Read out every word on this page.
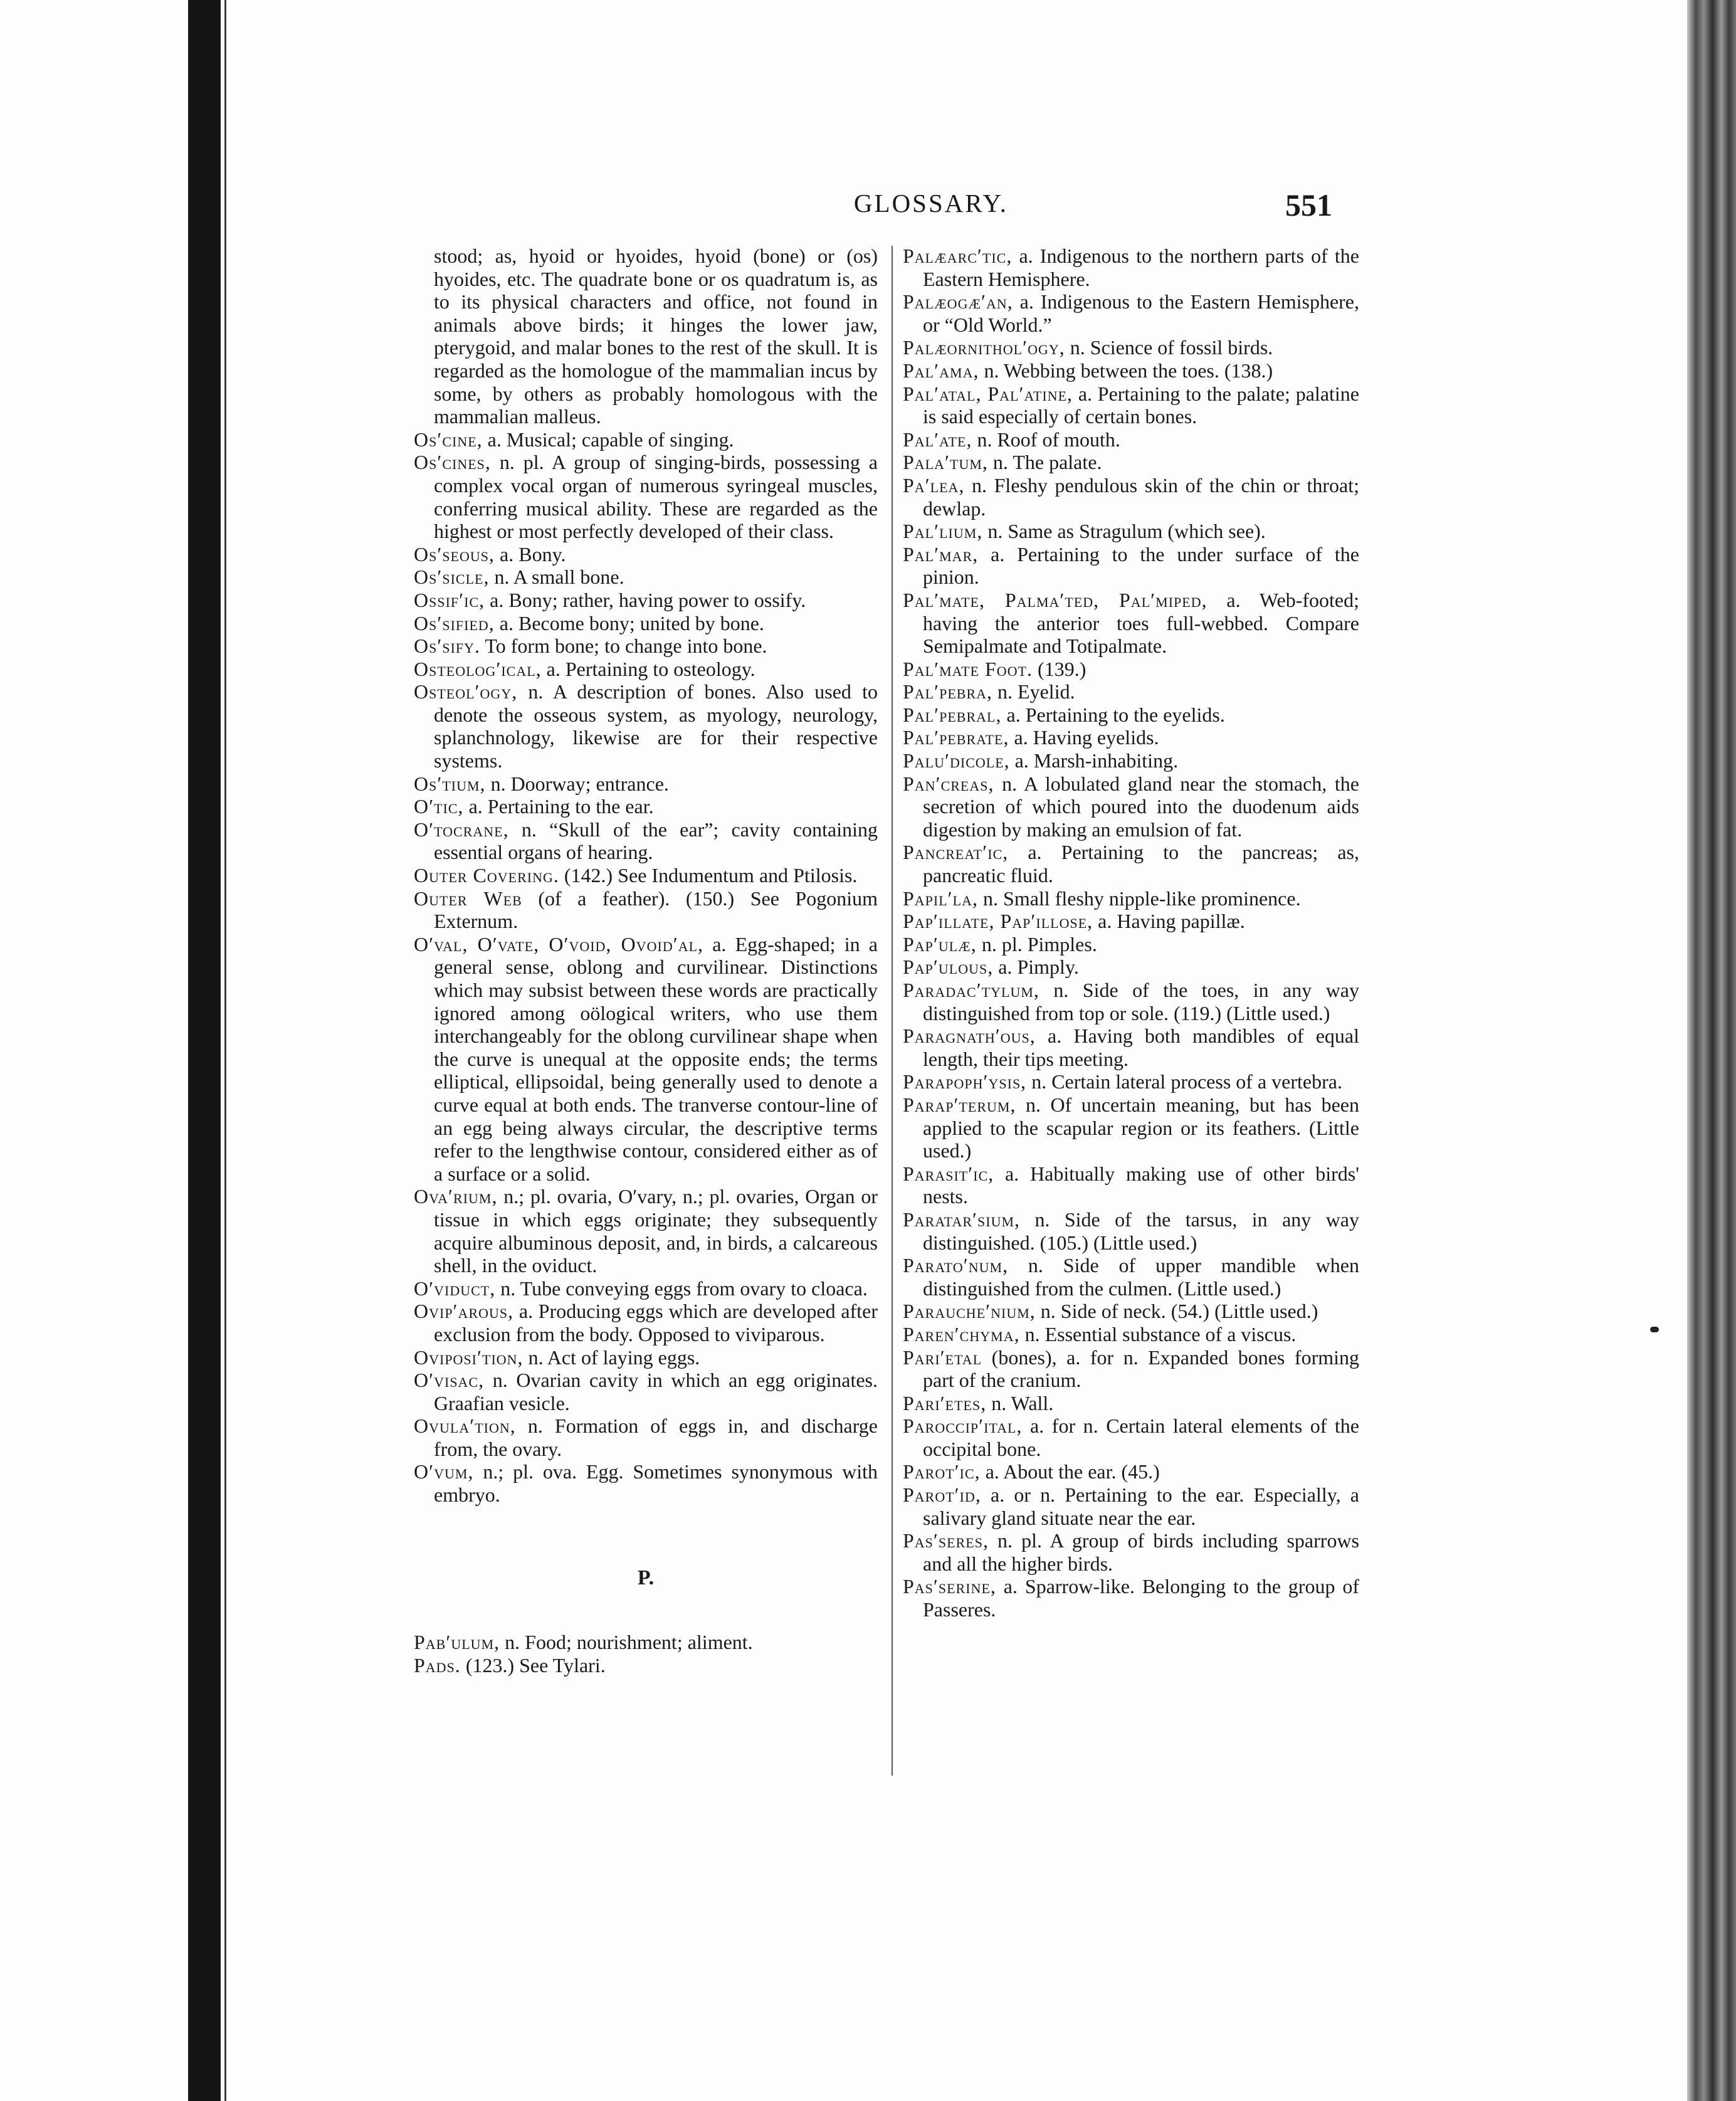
GLOSSARY.	551

stood; as, hyoid or hyoides, hyoid (bone) or (os) hyoides, etc. The quadrate bone or os quadratum is, as to its physical characters and office, not found in animals above birds; it hinges the lower jaw, pterygoid, and malar bones to the rest of the skull. It is regarded as the homologue of the mammalian incus by some, by others as probably homologous with the mammalian malleus.

Os′cine, a. Musical; capable of singing.

Os′cines, n. pl. A group of singing-birds, possessing a complex vocal organ of numerous syringeal muscles, conferring musical ability. These are regarded as the highest or most perfectly developed of their class.

Os′seous, a. Bony.

Os′sicle, n. A small bone.

Ossif′ic, a. Bony; rather, having power to ossify.

Os′sified, a. Become bony; united by bone.

Os′sify. To form bone; to change into bone.

Osteolog′ical, a. Pertaining to osteology.

Osteol′ogy, n. A description of bones. Also used to denote the osseous system, as myology, neurology, splanchnology, likewise are for their respective systems.

Os′tium, n. Doorway; entrance.

O′tic, a. Pertaining to the ear.

O′tocrane, n. “Skull of the ear”; cavity containing essential organs of hearing.

Outer Covering. (142.) See Indumentum and Ptilosis.

Outer Web (of a feather). (150.) See Pogonium Externum.

O′val, O′vate, O′void, Ovoid′al, a. Egg-shaped; in a general sense, oblong and curvilinear. Distinctions which may subsist between these words are practically ignored among oölogical writers, who use them interchangeably for the oblong curvilinear shape when the curve is unequal at the opposite ends; the terms elliptical, ellipsoidal, being generally used to denote a curve equal at both ends. The tranverse contour-line of an egg being always circular, the descriptive terms refer to the lengthwise contour, considered either as of a surface or a solid.

Ova′rium, n.; pl. ovaria, O′vary, n.; pl. ovaries, Organ or tissue in which eggs originate; they subsequently acquire albuminous deposit, and, in birds, a calcareous shell, in the oviduct.

O′viduct, n. Tube conveying eggs from ovary to cloaca.

Ovip′arous, a. Producing eggs which are developed after exclusion from the body. Opposed to viviparous.

Oviposi′tion, n. Act of laying eggs.

O′visac, n. Ovarian cavity in which an egg originates. Graafian vesicle.

Ovula′tion, n. Formation of eggs in, and discharge from, the ovary.

O′vum, n.; pl. ova. Egg. Sometimes synonymous with embryo.

P.

Pab′ulum, n. Food; nourishment; aliment.

Pads. (123.) See Tylari.

Palæarc′tic, a. Indigenous to the northern parts of the Eastern Hemisphere.

Palæogæ′an, a. Indigenous to the Eastern Hemisphere, or “Old World.”

Palæornithol′ogy, n. Science of fossil birds.

Pal′ama, n. Webbing between the toes. (138.)

Pal′atal, Pal′atine, a. Pertaining to the palate; palatine is said especially of certain bones.

Pal′ate, n. Roof of mouth.

Pala′tum, n. The palate.

Pa′lea, n. Fleshy pendulous skin of the chin or throat; dewlap.

Pal′lium, n. Same as Stragulum (which see).

Pal′mar, a. Pertaining to the under surface of the pinion.

Pal′mate, Palma′ted, Pal′miped, a. Web-footed; having the anterior toes full-webbed. Compare Semipalmate and Totipalmate.

Pal′mate Foot. (139.)

Pal′pebra, n. Eyelid.

Pal′pebral, a. Pertaining to the eyelids.

Pal′pebrate, a. Having eyelids.

Palu′dicole, a. Marsh-inhabiting.

Pan′creas, n. A lobulated gland near the stomach, the secretion of which poured into the duodenum aids digestion by making an emulsion of fat.

Pancreat′ic, a. Pertaining to the pancreas; as, pancreatic fluid.

Papil′la, n. Small fleshy nipple-like prominence.

Pap′illate, Pap′illose, a. Having papillæ.

Pap′ulæ, n. pl. Pimples.

Pap′ulous, a. Pimply.

Paradac′tylum, n. Side of the toes, in any way distinguished from top or sole. (119.) (Little used.)

Paragnath′ous, a. Having both mandibles of equal length, their tips meeting.

Parapoph′ysis, n. Certain lateral process of a vertebra.

Parap′terum, n. Of uncertain meaning, but has been applied to the scapular region or its feathers. (Little used.)

Parasit′ic, a. Habitually making use of other birds' nests.

Paratar′sium, n. Side of the tarsus, in any way distinguished. (105.) (Little used.)

Parato′num, n. Side of upper mandible when distinguished from the culmen. (Little used.)

Parauche′nium, n. Side of neck. (54.) (Little used.)

Paren′chyma, n. Essential substance of a viscus.

Pari′etal (bones), a. for n. Expanded bones forming part of the cranium.

Pari′etes, n. Wall.

Paroccip′ital, a. for n. Certain lateral elements of the occipital bone.

Parot′ic, a. About the ear. (45.)

Parot′id, a. or n. Pertaining to the ear. Especially, a salivary gland situate near the ear.

Pas′seres, n. pl. A group of birds including sparrows and all the higher birds.

Pas′serine, a. Sparrow-like. Belonging to the group of Passeres.
